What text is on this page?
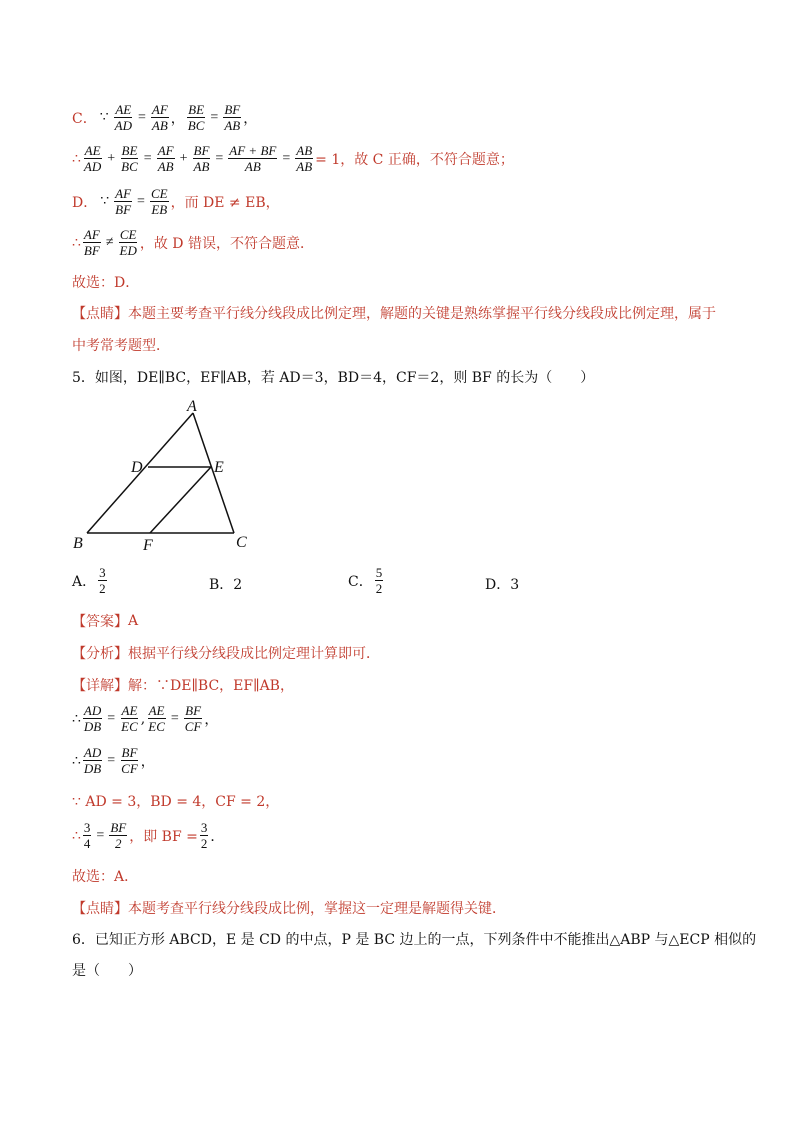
C． ∵ $\frac{AE}{AD} = \frac{AF}{AB}$ ， $\frac{BE}{BC} = \frac{BF}{AB}$ ，
∴ $\frac{AE}{AD} + \frac{BE}{BC} = \frac{AF}{AB} + \frac{BF}{AB} = \frac{AF + BF}{AB} = \frac{AB}{AB} = 1$，故 C 正确，不符合题意；
D． ∵ $\frac{AF}{BF} = \frac{CE}{EB}$ ，而 DE ≠ EB，
∴ $\frac{AF}{BF} \ne \frac{CE}{ED}$ ，故 D 错误，不符合题意．
故选：D．
【点睛】 本题主要考查平行线分线段成比例定理，解题的关键是熟练掌握平行线分线段成比例定理，属于
中考常考题型．
5．如图，DE∥BC，EF∥AB，若 AD＝3，BD＝4，CF＝2，则 BF 的长为（　　）
A
D	E
B	F	C
A． $\frac{3}{2}$	B．2	C． $\frac{5}{2}$	D．3
【答案】 A
【分析】 根据平行线分线段成比例定理计算即可．
【详解】 解：∵DE∥BC，EF∥AB，
∴ $\frac{AD}{DB} = \frac{AE}{EC}$ , $\frac{AE}{EC} = \frac{BF}{CF}$ ，
∴ $\frac{AD}{DB} = \frac{BF}{CF}$ ，
∵ AD = 3，BD = 4，CF = 2，
∴ $\frac{3}{4} = \frac{BF}{2}$ ，即 BF = $\frac{3}{2}$ ．
故选：A．
【点睛】 本题考查平行线分线段成比例，掌握这一定理是解题得关键．
6．已知正方形 ABCD，E 是 CD 的中点，P 是 BC 边上的一点，下列条件中不能推出△ABP 与△ECP 相似的
是（　　）
